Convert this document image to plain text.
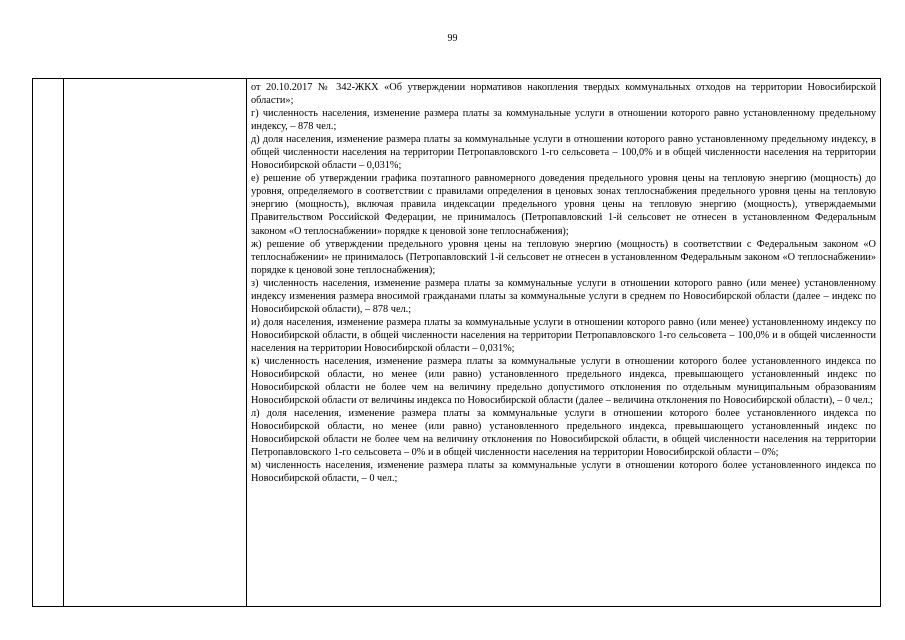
99

от 20.10.2017 № 342-ЖКХ «Об утверждении нормативов накопления твердых коммунальных отходов на территории Новосибирской области»;

г) численность населения, изменение размера платы за коммунальные услуги в отношении которого равно установленному предельному индексу, – 878 чел.;

д) доля населения, изменение размера платы за коммунальные услуги в отношении которого равно установленному предельному индексу, в общей численности населения на территории Петропавловского 1-го сельсовета – 100,0% и в общей численности населения на территории Новосибирской области – 0,031%;

е) решение об утверждении графика поэтапного равномерного доведения предельного уровня цены на тепловую энергию (мощность) до уровня, определяемого в соответствии с правилами определения в ценовых зонах теплоснабжения предельного уровня цены на тепловую энергию (мощность), включая правила индексации предельного уровня цены на тепловую энергию (мощность), утверждаемыми Правительством Российской Федерации, не принималось (Петропавловский 1-й сельсовет не отнесен в установленном Федеральным законом «О теплоснабжении» порядке к ценовой зоне теплоснабжения);

ж) решение об утверждении предельного уровня цены на тепловую энергию (мощность) в соответствии с Федеральным законом «О теплоснабжении» не принималось (Петропавловский 1-й сельсовет не отнесен в установленном Федеральным законом «О теплоснабжении» порядке к ценовой зоне теплоснабжения);

з) численность населения, изменение размера платы за коммунальные услуги в отношении которого равно (или менее) установленному индексу изменения размера вносимой гражданами платы за коммунальные услуги в среднем по Новосибирской области (далее – индекс по Новосибирской области), – 878 чел.;

и) доля населения, изменение размера платы за коммунальные услуги в отношении которого равно (или менее) установленному индексу по Новосибирской области, в общей численности населения на территории Петропавловского 1-го сельсовета – 100,0% и в общей численности населения на территории Новосибирской области – 0,031%;

к) численность населения, изменение размера платы за коммунальные услуги в отношении которого более установленного индекса по Новосибирской области, но менее (или равно) установленного предельного индекса, превышающего установленный индекс по Новосибирской области не более чем на величину предельно допустимого отклонения по отдельным муниципальным образованиям Новосибирской области от величины индекса по Новосибирской области (далее – величина отклонения по Новосибирской области), – 0 чел.;

л) доля населения, изменение размера платы за коммунальные услуги в отношении которого более установленного индекса по Новосибирской области, но менее (или равно) установленного предельного индекса, превышающего установленный индекс по Новосибирской области не более чем на величину отклонения по Новосибирской области, в общей численности населения на территории Петропавловского 1-го сельсовета – 0% и в общей численности населения на территории Новосибирской области – 0%;

м) численность населения, изменение размера платы за коммунальные услуги в отношении которого более установленного индекса по Новосибирской области, – 0 чел.;
